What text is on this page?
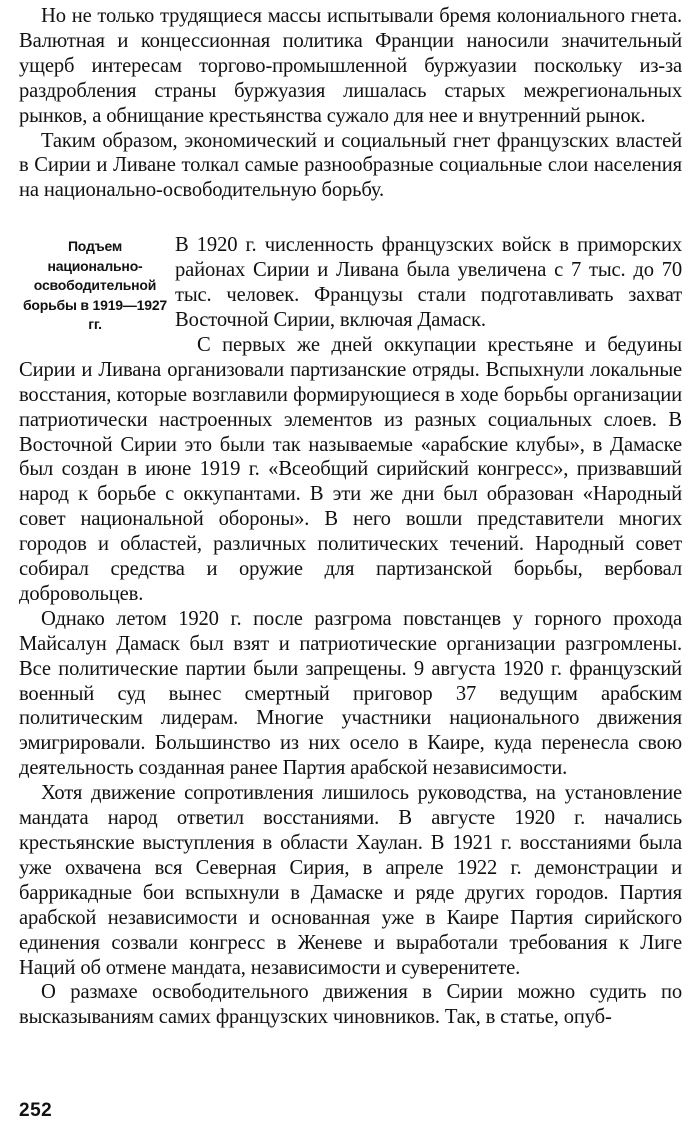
Но не только трудящиеся массы испытывали бремя колониального гнета. Валютная и концессионная политика Франции наносили значительный ущерб интересам торгово-промышленной буржуазии поскольку из-за раздробления страны буржуазия лишалась старых межрегиональных рынков, а обнищание крестьянства сужало для нее и внутренний рынок.

Таким образом, экономический и социальный гнет французских властей в Сирии и Ливане толкал самые разнообразные социальные слои населения на национально-освободительную борьбу.

Подъем национально-освободительной борьбы в 1919—1927 гг.

В 1920 г. численность французских войск в приморских районах Сирии и Ливана была увеличена с 7 тыс. до 70 тыс. человек. Французы стали подготавливать захват Восточной Сирии, включая Дамаск.

С первых же дней оккупации крестьяне и бедуины Сирии и Ливана организовали партизанские отряды. Вспыхнули локальные восстания, которые возглавили формирующиеся в ходе борьбы организации патриотически настроенных элементов из разных социальных слоев. В Восточной Сирии это были так называемые «арабские клубы», в Дамаске был создан в июне 1919 г. «Всеобщий сирийский конгресс», призвавший народ к борьбе с оккупантами. В эти же дни был образован «Народный совет национальной обороны». В него вошли представители многих городов и областей, различных политических течений. Народный совет собирал средства и оружие для партизанской борьбы, вербовал добровольцев.

Однако летом 1920 г. после разгрома повстанцев у горного прохода Майсалун Дамаск был взят и патриотические организации разгромлены. Все политические партии были запрещены. 9 августа 1920 г. французский военный суд вынес смертный приговор 37 ведущим арабским политическим лидерам. Многие участники национального движения эмигрировали. Большинство из них осело в Каире, куда перенесла свою деятельность созданная ранее Партия арабской независимости.

Хотя движение сопротивления лишилось руководства, на установление мандата народ ответил восстаниями. В августе 1920 г. начались крестьянские выступления в области Хаулан. В 1921 г. восстаниями была уже охвачена вся Северная Сирия, в апреле 1922 г. демонстрации и баррикадные бои вспыхнули в Дамаске и ряде других городов. Партия арабской независимости и основанная уже в Каире Партия сирийского единения созвали конгресс в Женеве и выработали требования к Лиге Наций об отмене мандата, независимости и суверенитете.

О размахе освободительного движения в Сирии можно судить по высказываниям самих французских чиновников. Так, в статье, опуб-

252
